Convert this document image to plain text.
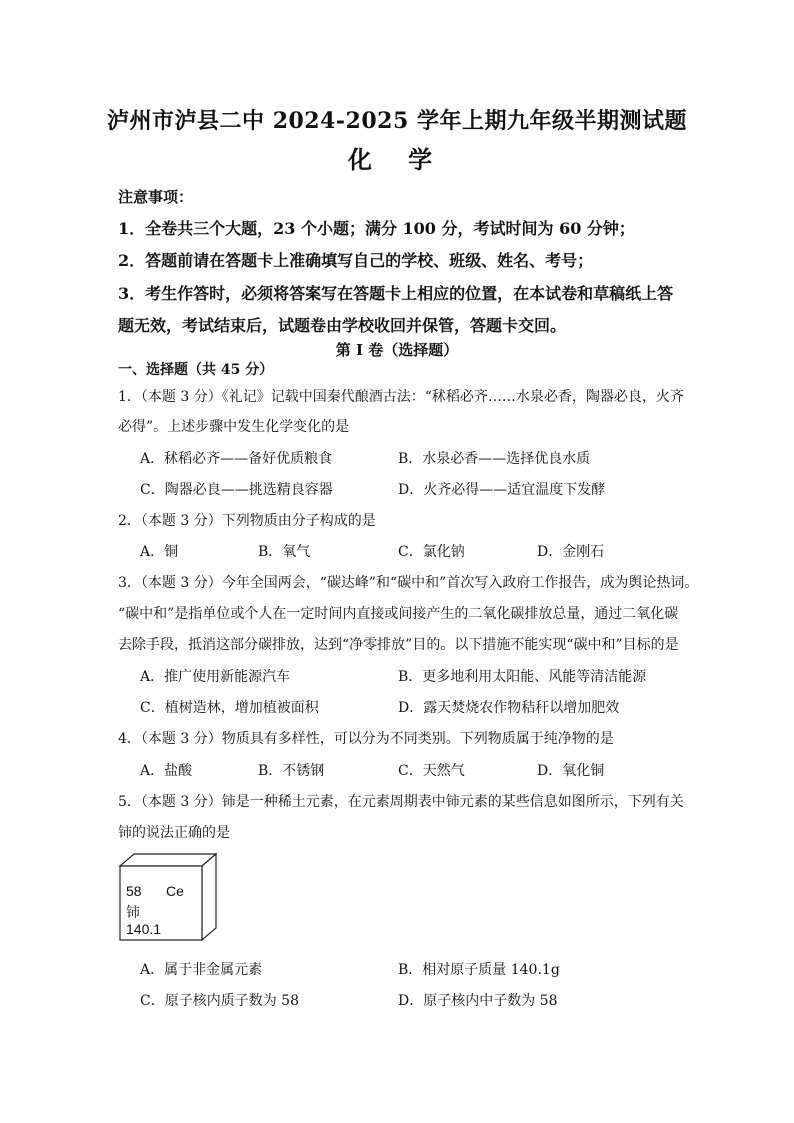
泸州市泸县二中 2024-2025 学年上期九年级半期测试题
化 学
注意事项：
1．全卷共三个大题，23 个小题；满分 100 分，考试时间为 60 分钟；
2．答题前请在答题卡上准确填写自己的学校、班级、姓名、考号；
3．考生作答时，必须将答案写在答题卡上相应的位置，在本试卷和草稿纸上答
题无效，考试结束后，试题卷由学校收回并保管，答题卡交回。
第 I 卷（选择题）
一、选择题（共 45 分）
1．（本题 3 分）《礼记》记载中国秦代酿酒古法：“秫稻必齐……水泉必香，陶器必良，火齐
必得”。上述步骤中发生化学变化的是
A．秫稻必齐——备好优质粮食	B．水泉必香——选择优良水质
C．陶器必良——挑选精良容器	D．火齐必得——适宜温度下发酵
2．（本题 3 分）下列物质由分子构成的是
A．铜	B．氧气	C．氯化钠	D．金刚石
3．（本题 3 分）今年全国两会，“碳达峰”和“碳中和”首次写入政府工作报告，成为舆论热词。
“碳中和”是指单位或个人在一定时间内直接或间接产生的二氧化碳排放总量，通过二氧化碳
去除手段，抵消这部分碳排放，达到“净零排放”目的。以下措施不能实现“碳中和”目标的是
A．推广使用新能源汽车	B．更多地利用太阳能、风能等清洁能源
C．植树造林，增加植被面积	D．露天焚烧农作物秸秆以增加肥效
4．（本题 3 分）物质具有多样性，可以分为不同类别。下列物质属于纯净物的是
A．盐酸	B．不锈钢	C．天然气	D．氧化铜
5．（本题 3 分）铈是一种稀土元素，在元素周期表中铈元素的某些信息如图所示，下列有关
铈的说法正确的是
58 Ce
铈
140.1
A．属于非金属元素	B．相对原子质量 140.1g
C．原子核内质子数为 58	D．原子核内中子数为 58
